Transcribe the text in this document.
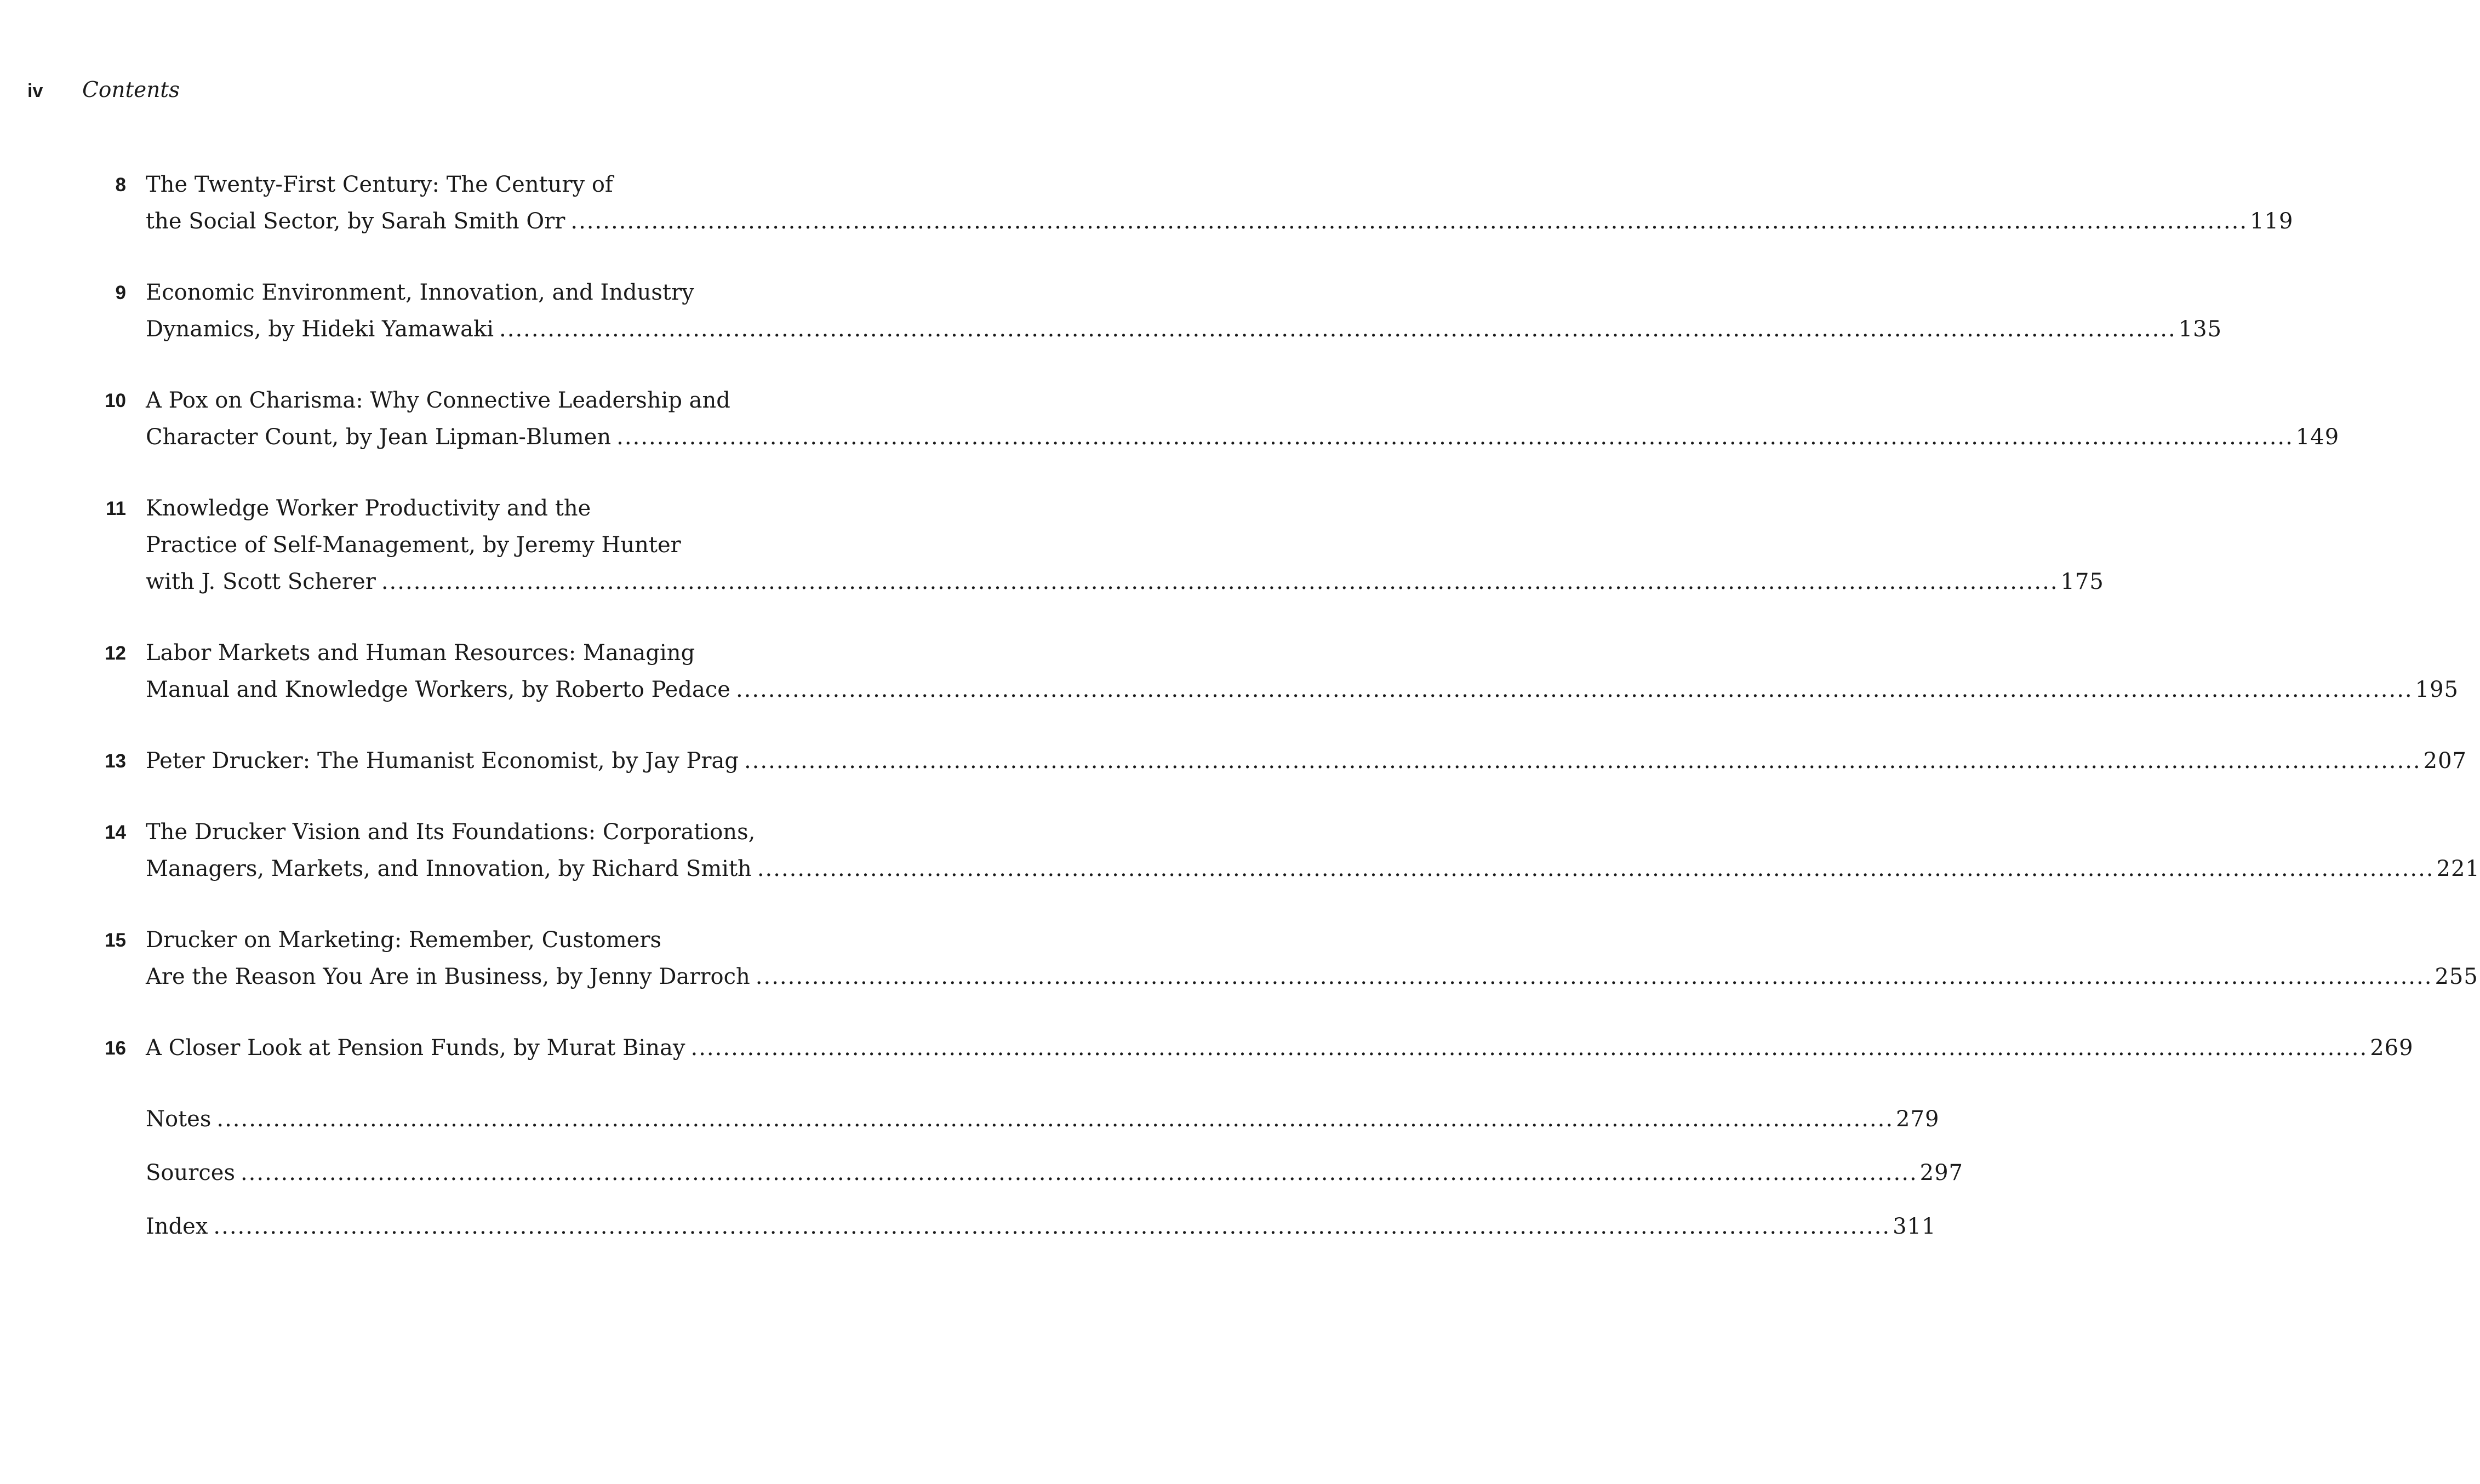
iv	Contents
8 The Twenty-First Century: The Century of
the Social Sector, by Sarah Smith Orr .....	119
9 Economic Environment, Innovation, and Industry
Dynamics, by Hideki Yamawaki .....	135
10 A Pox on Charisma: Why Connective Leadership and
Character Count, by Jean Lipman-Blumen .....	149
11 Knowledge Worker Productivity and the
Practice of Self-Management, by Jeremy Hunter
with J. Scott Scherer .....	175
12 Labor Markets and Human Resources: Managing
Manual and Knowledge Workers, by Roberto Pedace .....	195
13 Peter Drucker: The Humanist Economist, by Jay Prag .....	207
14 The Drucker Vision and Its Foundations: Corporations,
Managers, Markets, and Innovation, by Richard Smith .....	221
15 Drucker on Marketing: Remember, Customers
Are the Reason You Are in Business, by Jenny Darroch .....	255
16 A Closer Look at Pension Funds, by Murat Binay .....	269
Notes .....	279
Sources .....	297
Index .....	311
